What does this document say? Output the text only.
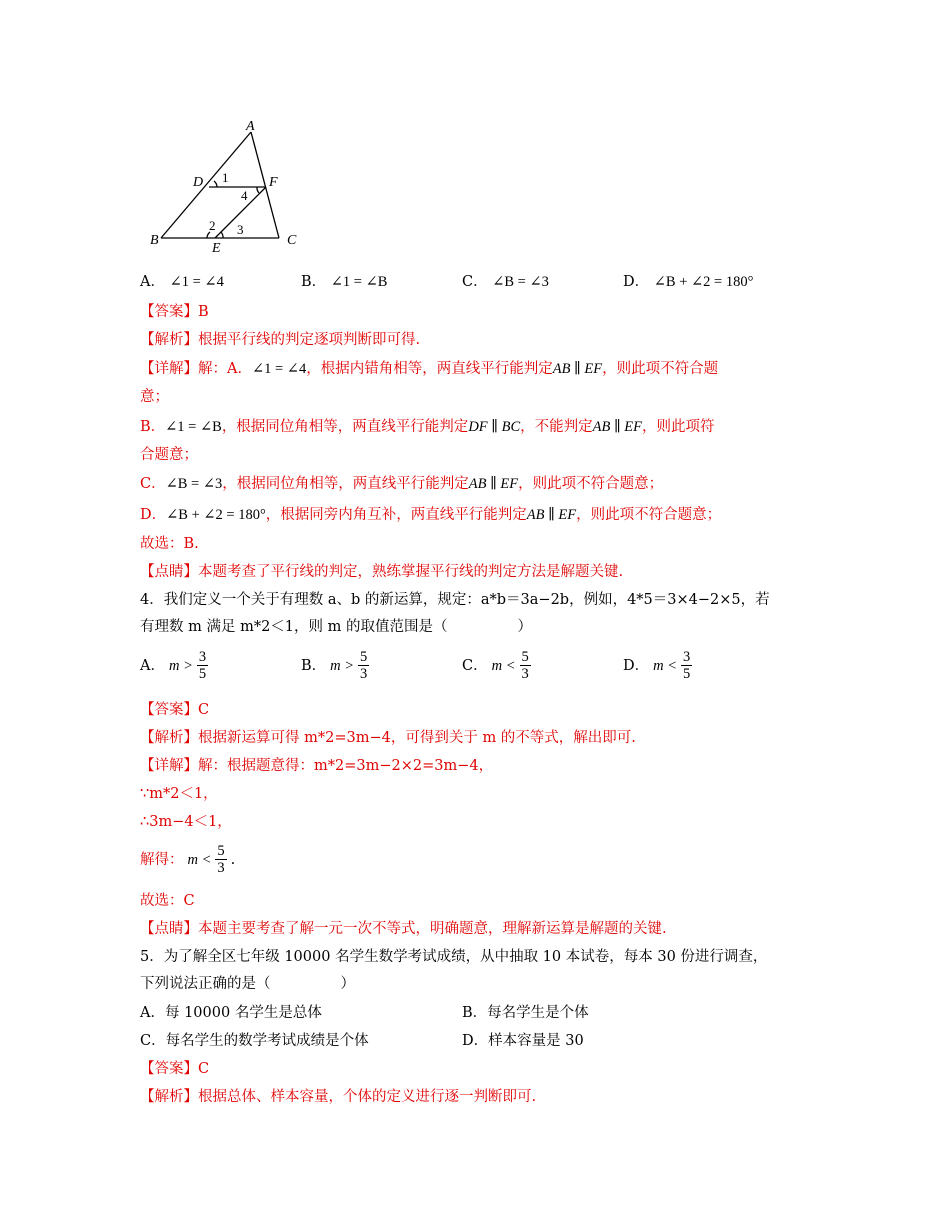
A
D	F
B
E
C
1
4
2 3
A． ∠1 = ∠4	B． ∠1 = ∠B	C． ∠B = ∠3	D． ∠B + ∠2 = 180°
【答案】B
【解析】根据平行线的判定逐项判断即可得.
【详解】解：A．∠1 = ∠4，根据内错角相等，两直线平行能判定AB ∥ EF，则此项不符合题
意；
B．∠1 = ∠B，根据同位角相等，两直线平行能判定DF ∥ BC，不能判定AB ∥ EF，则此项符
合题意；
C．∠B = ∠3，根据同位角相等，两直线平行能判定AB ∥ EF，则此项不符合题意；
D．∠B + ∠2 = 180°，根据同旁内角互补，两直线平行能判定AB ∥ EF，则此项不符合题意；
故选：B.
【点睛】本题考查了平行线的判定，熟练掌握平行线的判定方法是解题关键.
4．我们定义一个关于有理数 a、b 的新运算，规定：a*b＝3a−2b，例如，4*5＝3×4−2×5，若
有理数 m 满足 m*2＜1，则 m 的取值范围是（	）
A． $m > \frac{3}{5}$	B． $m > \frac{5}{3}$	C． $m < \frac{5}{3}$	D． $m < \frac{3}{5}$
【答案】C
【解析】根据新运算可得 m*2=3m−4，可得到关于 m 的不等式，解出即可.
【详解】解：根据题意得：m*2=3m−2×2=3m−4，
∵m*2＜1，
∴3m−4＜1，
解得： $m < \frac{5}{3}$ .
故选：C
【点睛】本题主要考查了解一元一次不等式，明确题意，理解新运算是解题的关键.
5．为了解全区七年级 10000 名学生数学考试成绩，从中抽取 10 本试卷，每本 30 份进行调查，
下列说法正确的是（	）
A．每 10000 名学生是总体	B．每名学生是个体
C．每名学生的数学考试成绩是个体	D．样本容量是 30
【答案】C
【解析】根据总体、样本容量，个体的定义进行逐一判断即可.
